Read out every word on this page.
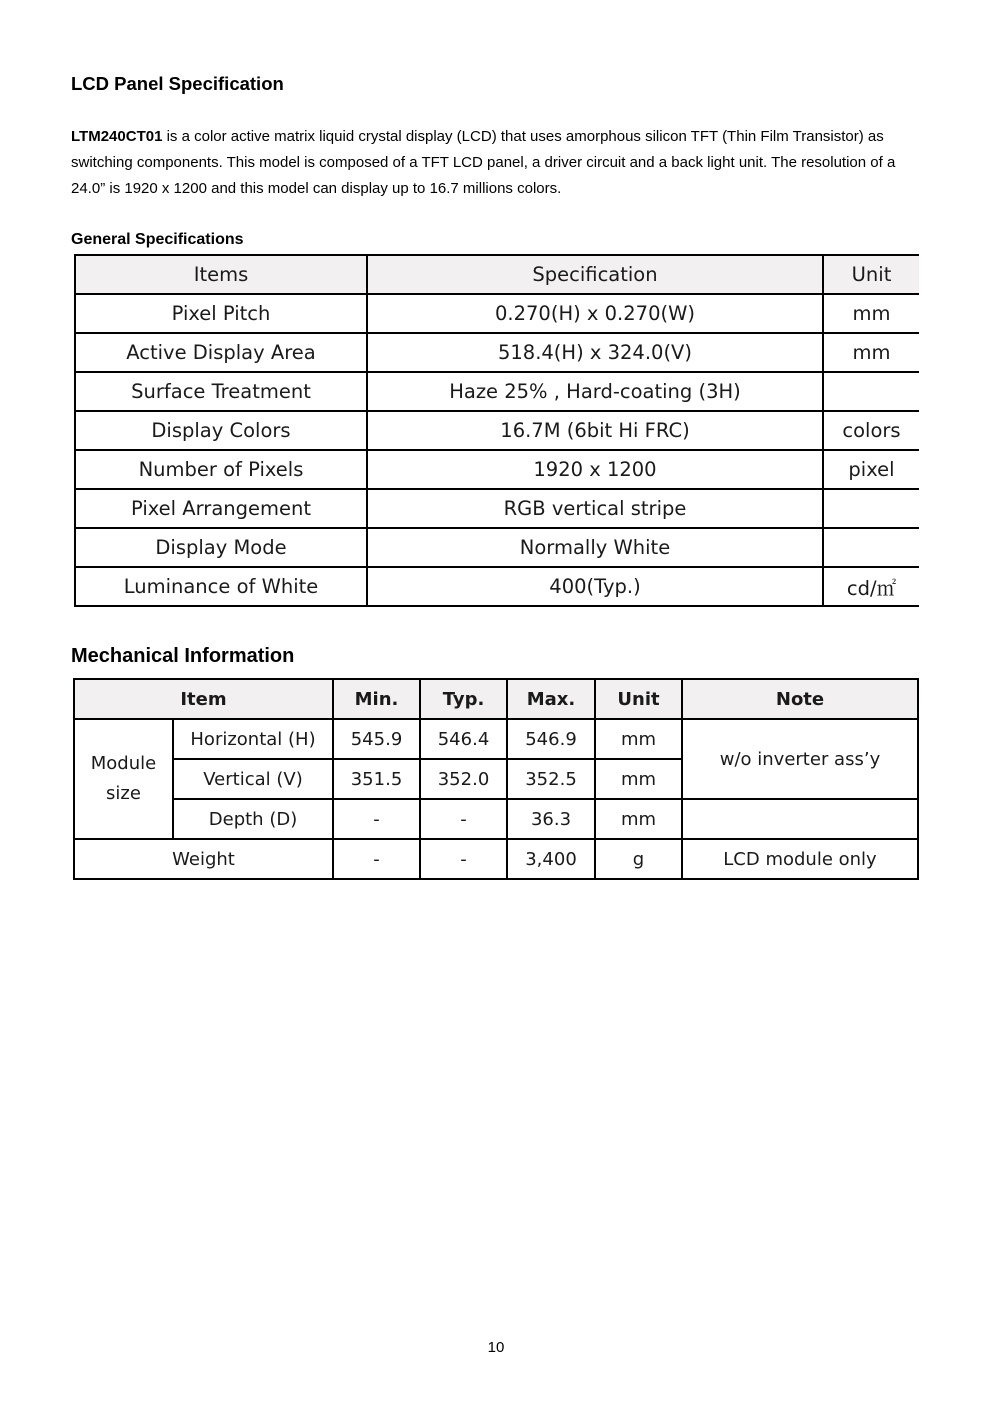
LCD Panel Specification

LTM240CT01 is a color active matrix liquid crystal display (LCD) that uses amorphous silicon TFT (Thin Film Transistor) as switching components. This model is composed of a TFT LCD panel, a driver circuit and a back light unit. The resolution of a 24.0” is 1920 x 1200 and this model can display up to 16.7 millions colors.

General Specifications
Items	Specification	Unit
Pixel Pitch	0.270(H) x 0.270(W)	mm
Active Display Area	518.4(H) x 324.0(V)	mm
Surface Treatment	Haze 25% , Hard-coating (3H)	
Display Colors	16.7M (6bit Hi FRC)	colors
Number of Pixels	1920 x 1200	pixel
Pixel Arrangement	RGB vertical stripe	
Display Mode	Normally White	
Luminance of White	400(Typ.)	cd/㎡
Mechanical Information
Item		Min.	Typ.	Max.	Unit	Note
Module
size	Horizontal (H)	545.9	546.4	546.9	mm	w/o inverter ass’y
	Vertical (V)	351.5	352.0	352.5	mm	
	Depth (D)	-	-	36.3	mm	
Weight		-	-	3,400	g	LCD module only

10
